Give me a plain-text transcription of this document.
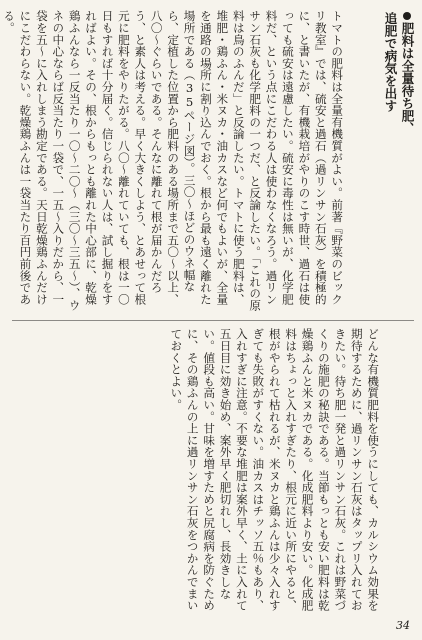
肥料は全量待ち肥、
追肥で病気を出す

トマトの肥料は全量有機質がよい。前著『野菜のビックリ教室』では、硫安と過石（過リンサン石灰）を積極的に、と書いたが、有機栽培がやりのこす時世、過石は使っても硫安は遠慮したい。硫安に毒性は無いが、化学肥料だ、という点にこだわる人は使わなくなろう。過リンサン石灰も化学肥料の一つだ、と反論したい。「これの原料は鳥のふんだ」と反論したい。トマトに使う肥料は、堆肥・鶏ふん・米ヌカ・油カスなど何でもよいが、全量を通路の場所に割り込んでおく。根から最も遠く離れた場所である（35ページ図）。三〇〜ほどのウネ幅なら、定植した位置から肥料のある場所まで五〇〜以上、八〇〜ぐらいである。そんなに離れて根が届かんだろう、と素人は考える。早く大きくしよう、とあせって根元に肥料をやりたがる。八〇〜離れていても、根は一〇日もすれば十分届く。信じられない人は、試し掘りをすればよい。その、根からもっとも離れた中心部に、乾燥鶏ふんなら一反当たり一〇〜二〇〜（三〇〜三五〜）、ウネの中心ならば反当たり一袋で、一五〜入りだから、一袋を五〜に入れしまう勘定である。天日乾燥鶏ふんだけにこだわらない。乾燥鶏ふんは一袋当たり百円前後である。

どんな有機質肥料を使うにしても、カルシウム効果を期待するために、過リンサン石灰はタップリ入れておきたい。待ち肥一発と過リンサン石灰。これは野菜づくりの施肥の秘訣である。当節もっとも安い肥料は乾燥鶏ふんと米ヌカである。化成肥料より安い。化成肥料はちょっと入れすぎたり、根元に近い所にやると、根がやられて枯れるが、米ヌカと鶏ふんは少々入れすぎても失敗がすくない。油カスはチッソ五％もあり、入れすぎに注意。不要な堆肥は案外早く、土に入れて五日目に効き始め、案外早く肥切れし、長効きしない。値段も高い。甘味を増すためと尻腐病を防ぐために、その鶏ふんの上に過リンサン石灰をつかんでまいておくとよい。

34
